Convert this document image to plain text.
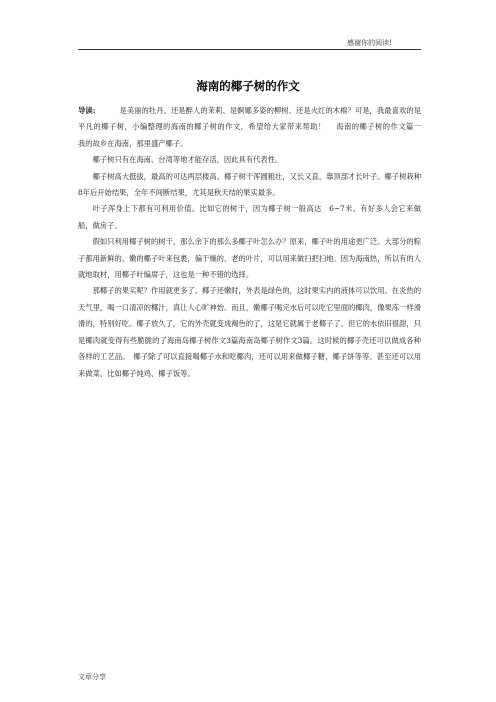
感谢你的阅读!
海南的椰子树的作文

导读:	是美丽的牡丹、还是醉人的茉莉、是婀娜多姿的柳树、还是火红的木棉？可是，我最喜欢的是平凡的椰子树，小编整理的海南的椰子树的作文，希望给大家带来帮助！　 海南的椰子树的作文篇一　　我的故乡在海南，那里盛产椰子。

椰子树只有在海南、台湾等地才能存活，因此具有代表性。

椰子树高大挺拔，最高的可达两层楼高。椰子树干浑圆粗壮，又长又直，靠顶部才长叶子。椰子树栽种8年后开始结果，全年不间断结果，尤其是秋天结的果实最多。

叶子浑身上下都有可利用价值。比如它的树干，因为椰子树一般高达　6~7米。有好多人会它来做船，做房子。

假如只利用椰子树的树干，那么余下的那么多椰子叶怎么办？原来，椰子叶的用途更广泛。大部分的粽子都用新鲜的、嫩的椰子叶来包裹，偏干燥的、老的叶片，可以用来做扫把扫地。因为海南热，所以有的人就地取材，用椰子叶编席子，这也是一种不错的选择。

那椰子的果实呢？作用就更多了。椰子还嫩时，外表是绿色的，这时果实内的液体可以饮用。在炎热的天气里，喝一口清凉的椰汁，真让人心旷神怡。而且，嫩椰子喝完水后可以吃它里面的椰肉，像果冻一样滑滑的，特别好吃。椰子放久了，它的外壳就变成褐色的了，这是它就属于老椰子了。但它的水依旧很甜，只是椰肉就变得有些脆脆的了海南岛椰子树作文3篇海南岛椰子树作文3篇。这时候的椰子壳还可以做成各种各样的工艺品。　椰子除了可以直接喝椰子水和吃椰肉，还可以用来做椰子糖，椰子饼等等。甚至还可以用来做菜，比如椰子炖鸡、椰子饭等。

文章分享
